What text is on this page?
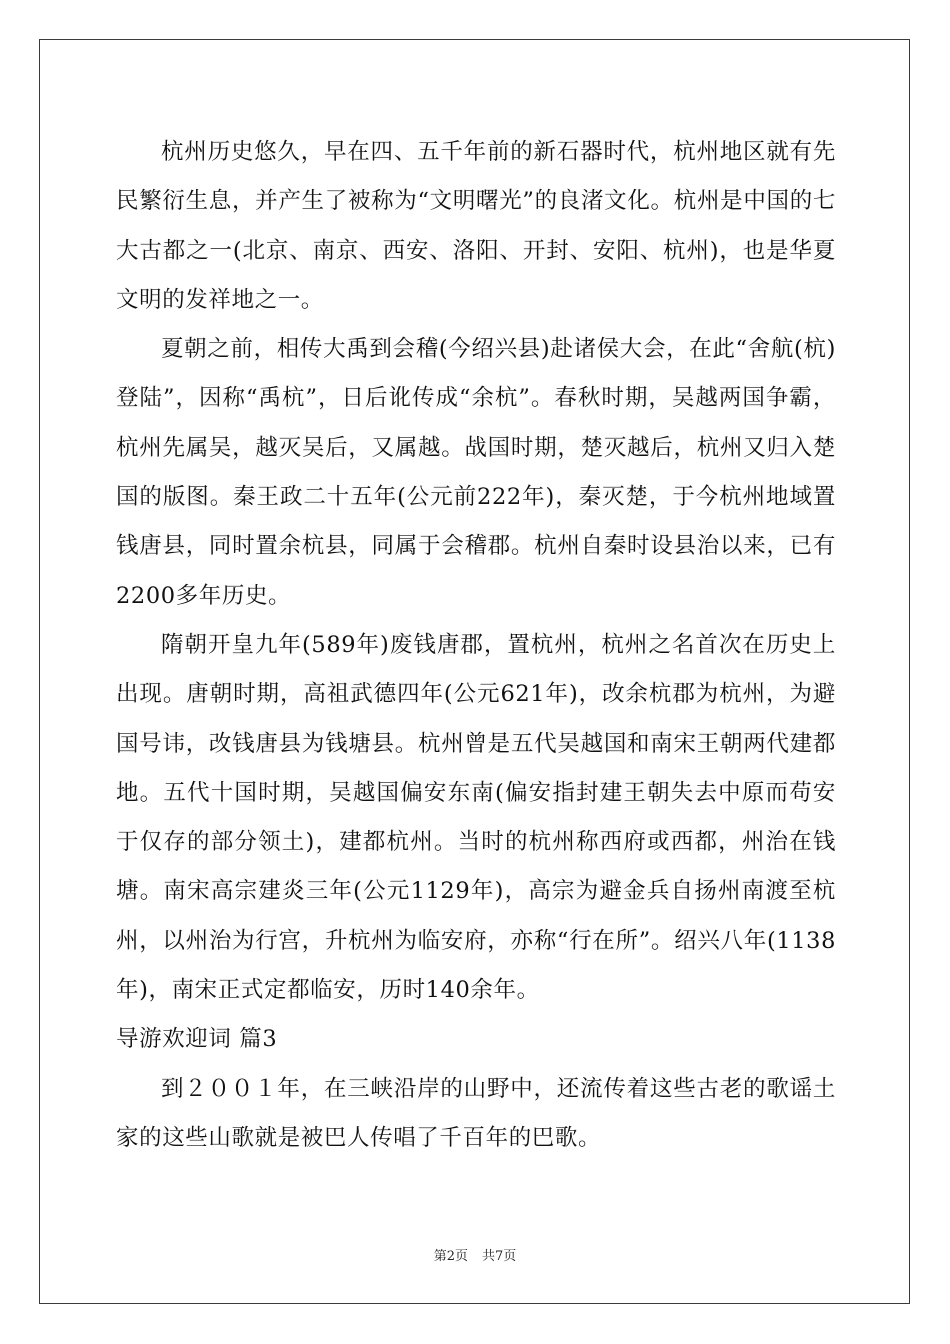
杭州历史悠久，早在四、五千年前的新石器时代，杭州地区就有先民繁衍生息，并产生了被称为“文明曙光”的良渚文化。杭州是中国的七大古都之一(北京、南京、西安、洛阳、开封、安阳、杭州)，也是华夏文明的发祥地之一。

夏朝之前，相传大禹到会稽(今绍兴县)赴诸侯大会，在此“舍航(杭)登陆”，因称“禹杭”，日后讹传成“余杭”。春秋时期，吴越两国争霸，杭州先属吴，越灭吴后，又属越。战国时期，楚灭越后，杭州又归入楚国的版图。秦王政二十五年(公元前222年)，秦灭楚，于今杭州地域置钱唐县，同时置余杭县，同属于会稽郡。杭州自秦时设县治以来，已有2200多年历史。

隋朝开皇九年(589年)废钱唐郡，置杭州，杭州之名首次在历史上出现。唐朝时期，高祖武德四年(公元621年)，改余杭郡为杭州，为避国号讳，改钱唐县为钱塘县。杭州曾是五代吴越国和南宋王朝两代建都地。五代十国时期，吴越国偏安东南(偏安指封建王朝失去中原而苟安于仅存的部分领土)，建都杭州。当时的杭州称西府或西都，州治在钱塘。南宋高宗建炎三年(公元1129年)，高宗为避金兵自扬州南渡至杭州，以州治为行宫，升杭州为临安府，亦称“行在所”。绍兴八年(1138年)，南宋正式定都临安，历时140余年。

导游欢迎词 篇3

到２００１年，在三峡沿岸的山野中，还流传着这些古老的歌谣土家的这些山歌就是被巴人传唱了千百年的巴歌。

第2页 共7页
